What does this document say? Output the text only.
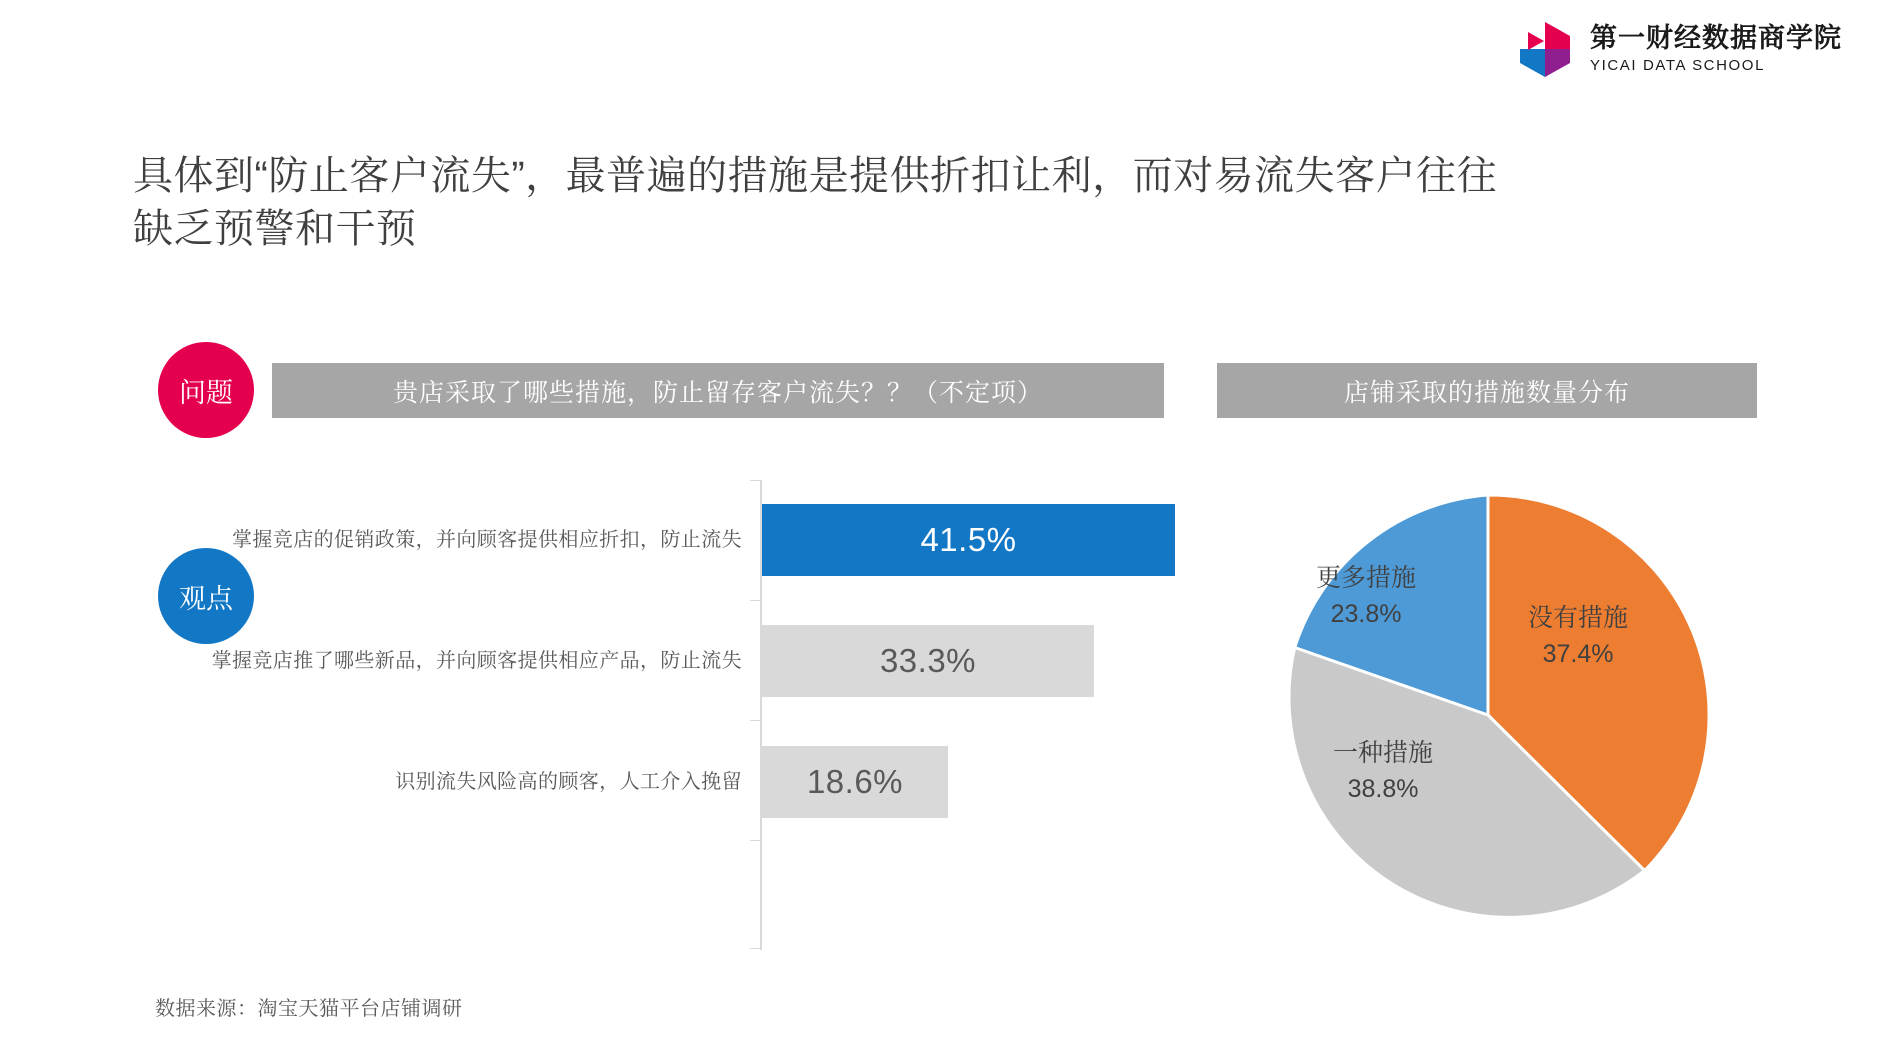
第一财经数据商学院
YICAI DATA SCHOOL
具体到“防止客户流失”，最普遍的措施是提供折扣让利，而对易流失客户往往缺乏预警和干预
贵店采取了哪些措施，防止留存客户流失？？（不定项）	店铺采取的措施数量分布
问题
观点
掌握竞店的促销政策，并向顾客提供相应折扣，防止流失	41.5%
掌握竞店推了哪些新品，并向顾客提供相应产品，防止流失	33.3%
识别流失风险高的顾客，人工介入挽留 18.6%
没有措施
37.4%
一种措施
38.8%
更多措施
23.8%
数据来源：淘宝天猫平台店铺调研
